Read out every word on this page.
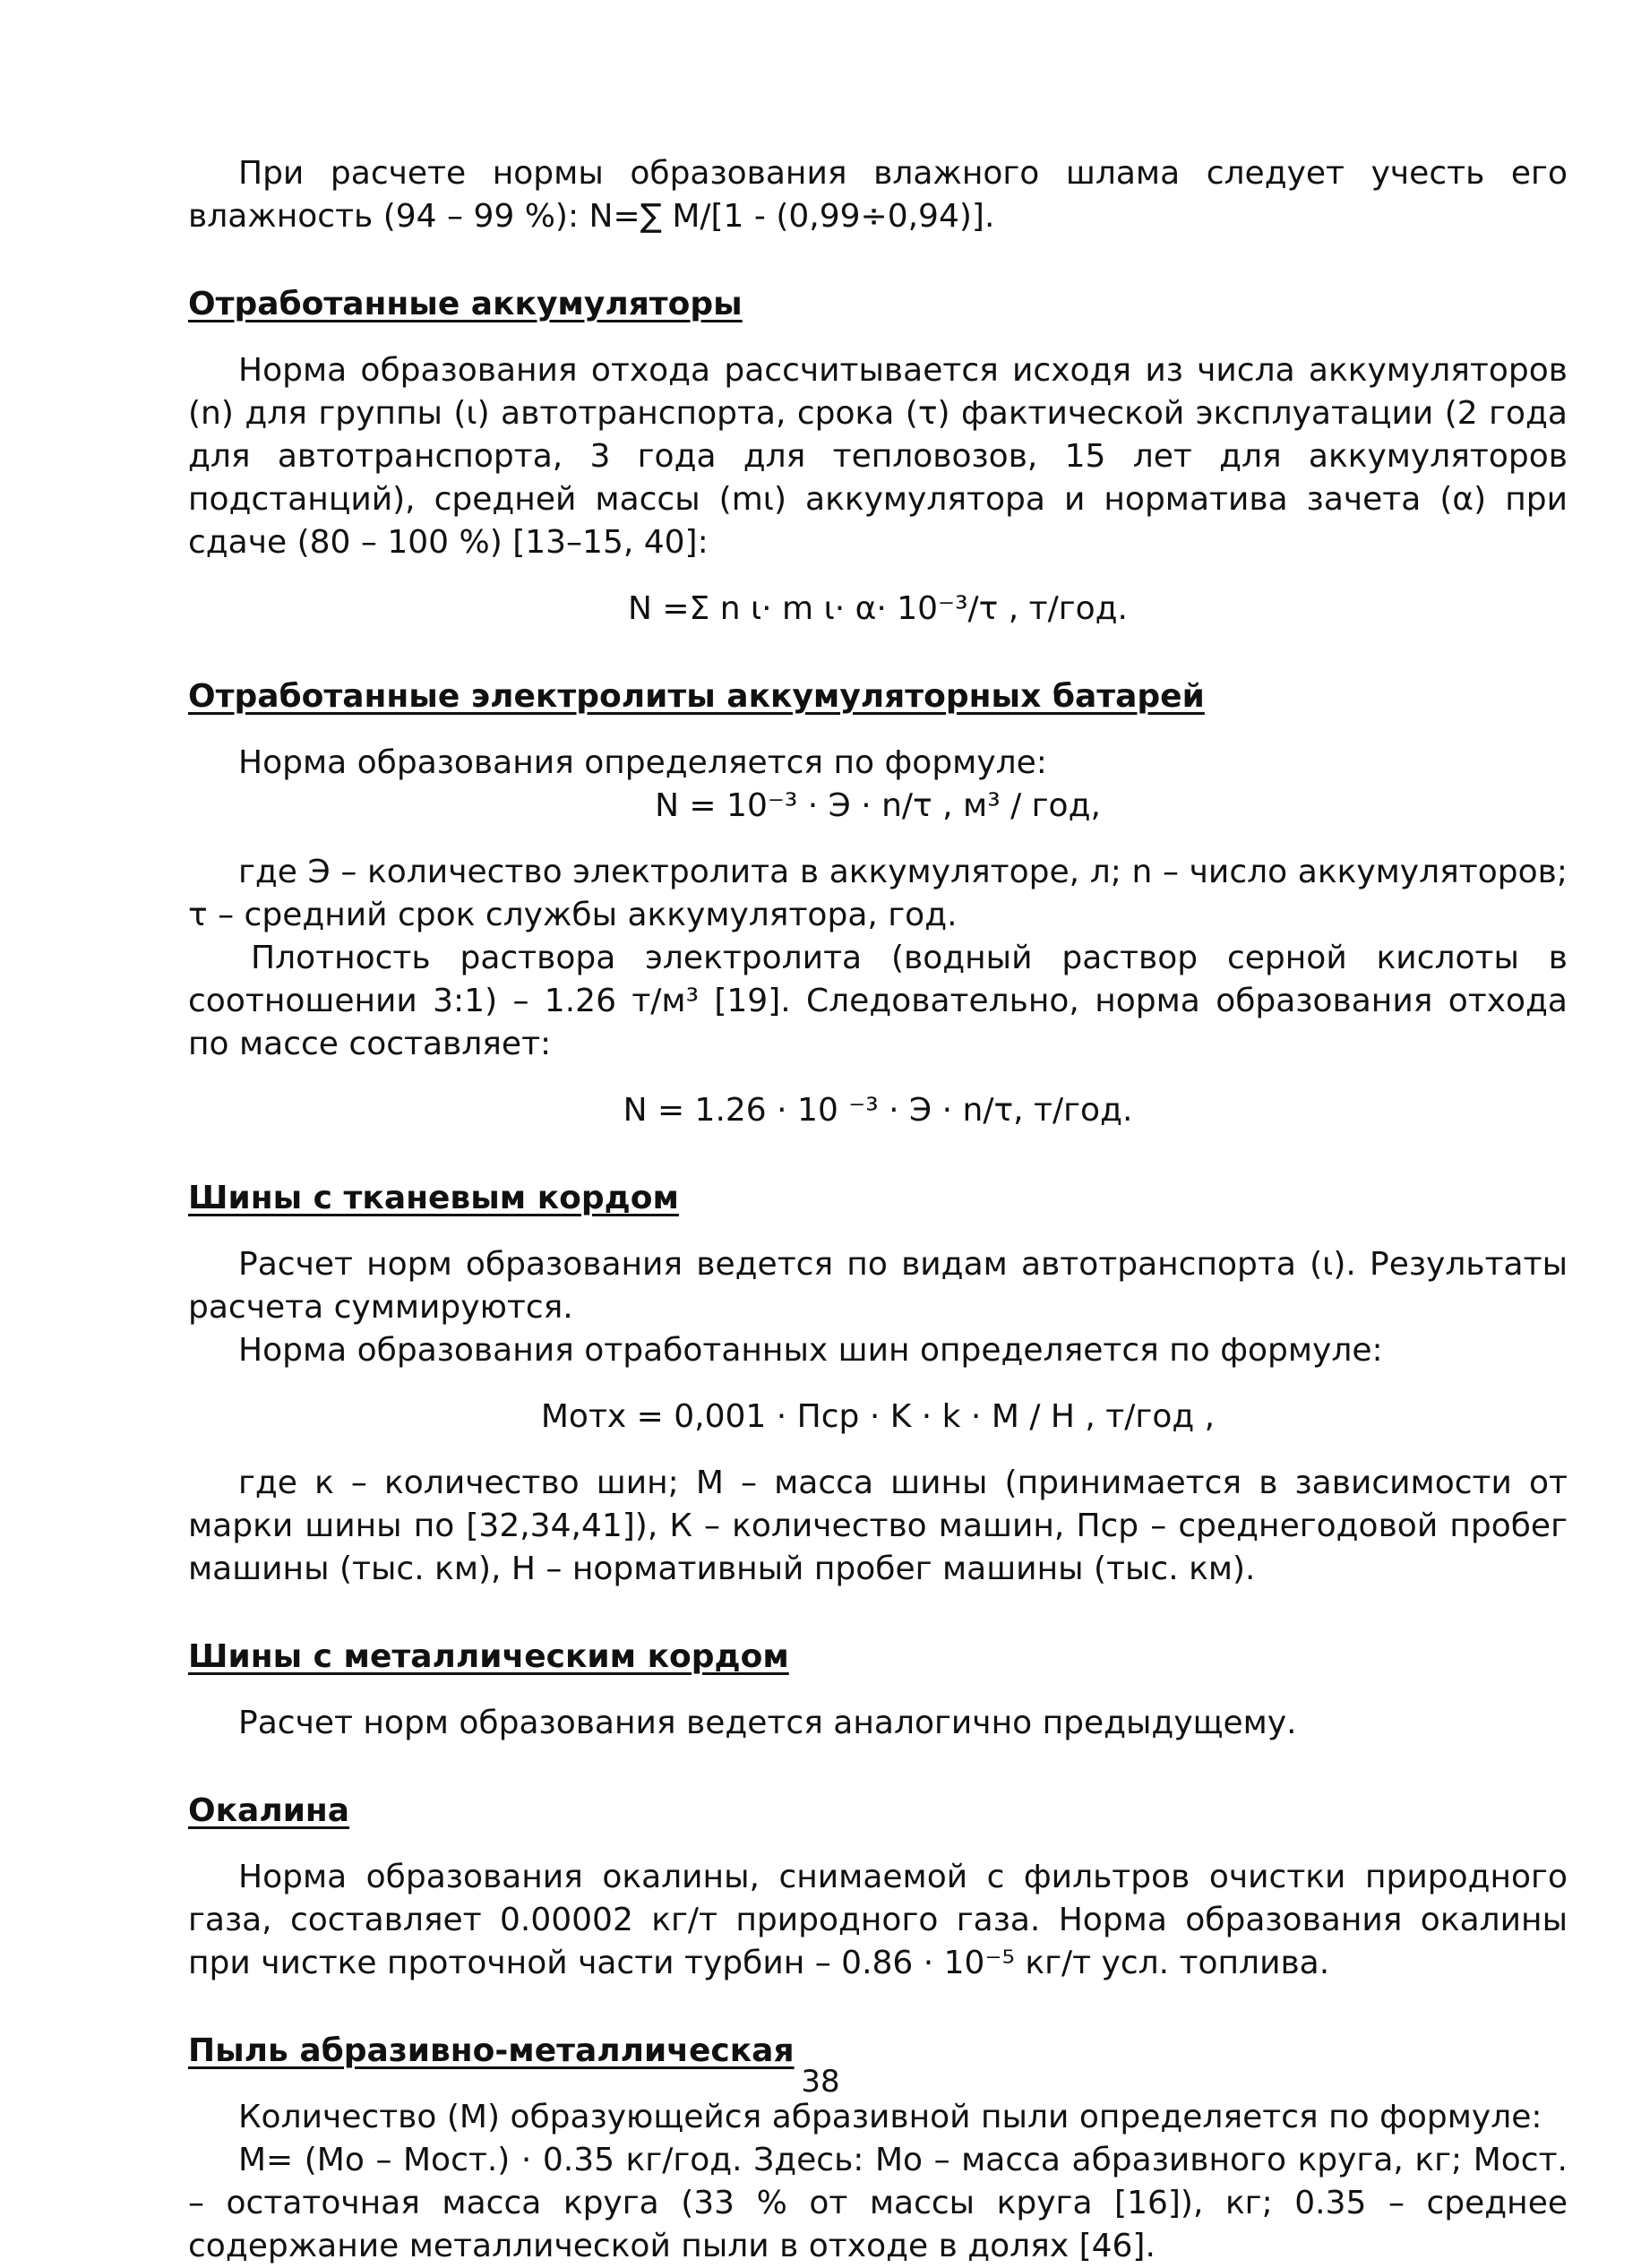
При расчете нормы образования влажного шлама следует учесть его влажность (94 – 99 %): N=∑ M/[1 - (0,99÷0,94)].

Отработанные аккумуляторы

Норма образования отхода рассчитывается исходя из числа аккумуляторов (n) для группы (ι) автотранспорта, срока (τ) фактической эксплуатации (2 года для автотранспорта, 3 года для тепловозов, 15 лет для аккумуляторов подстанций), средней массы (mι) аккумулятора и норматива зачета (α) при сдаче (80 – 100 %) [13–15, 40]:

N =Σ n ι· m ι· α· 10⁻³/τ , т/год.

Отработанные электролиты аккумуляторных батарей

Норма образования определяется по формуле:

N = 10⁻³ · Э · n/τ , м³ / год,

где Э – количество электролита в аккумуляторе, л; n – число аккумуляторов; τ – средний срок службы аккумулятора, год.

Плотность раствора электролита (водный раствор серной кислоты в соотношении 3:1) – 1.26 т/м³ [19]. Следовательно, норма образования отхода по массе составляет:

N = 1.26 · 10 ⁻³ · Э · n/τ, т/год.

Шины с тканевым кордом

Расчет норм образования ведется по видам автотранспорта (ι). Результаты расчета суммируются.

Норма образования отработанных шин определяется по формуле:

Mотх = 0,001 · Пср · K · k · M / H , т/год ,

где к – количество шин; М – масса шины (принимается в зависимости от марки шины по [32,34,41]), К – количество машин, Пср – среднегодовой пробег машины (тыс. км), Н – нормативный пробег машины (тыс. км).

Шины с металлическим кордом

Расчет норм образования ведется аналогично предыдущему.

Окалина

Норма образования окалины, снимаемой с фильтров очистки природного газа, составляет 0.00002 кг/т природного газа. Норма образования окалины при чистке проточной части турбин – 0.86 · 10⁻⁵ кг/т усл. топлива.

Пыль абразивно-металлическая

Количество (М) образующейся абразивной пыли определяется по формуле:

М= (Mо – Mост.) · 0.35 кг/год. Здесь: Mо – масса абразивного круга, кг; Mост. – остаточная масса круга (33 % от массы круга [16]), кг; 0.35 – среднее содержание металлической пыли в отходе в долях [46].

38
